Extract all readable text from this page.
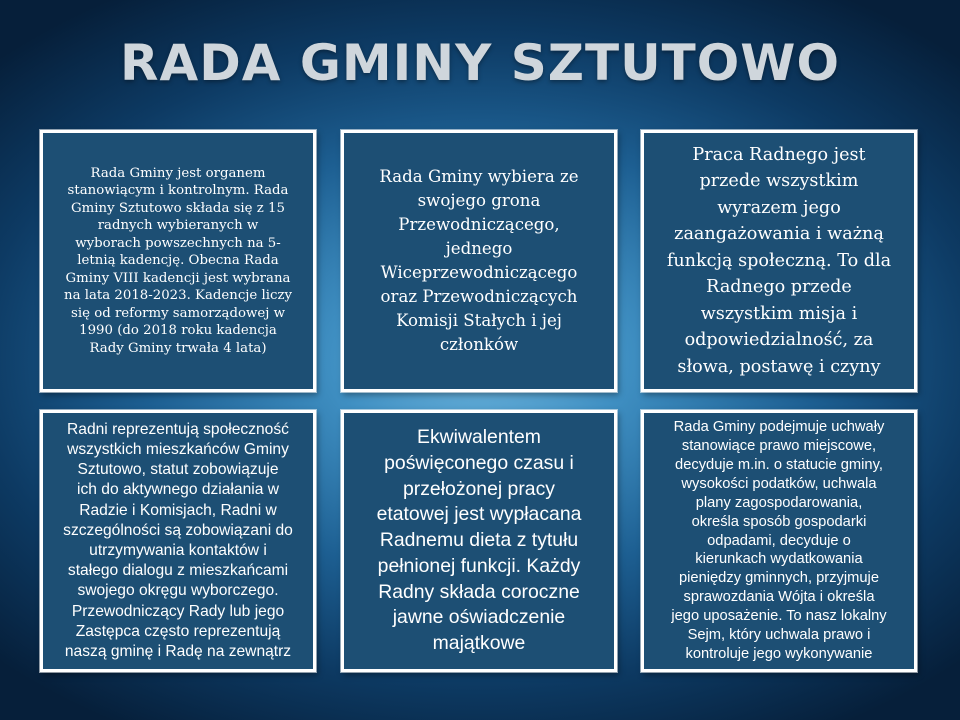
RADA GMINY SZTUTOWO
Rada Gminy jest organem
stanowiącym i kontrolnym. Rada
Gminy Sztutowo składa się z 15
radnych wybieranych w
wyborach powszechnych na 5-
letnią kadencję. Obecna Rada
Gminy VIII kadencji jest wybrana
na lata 2018-2023. Kadencje liczy
się od reformy samorządowej w
1990 (do 2018 roku kadencja
Rady Gminy trwała 4 lata)
Rada Gminy wybiera ze
swojego grona
Przewodniczącego,
jednego
Wiceprzewodniczącego
oraz Przewodniczących
Komisji Stałych i jej
członków
Praca Radnego jest
przede wszystkim
wyrazem jego
zaangażowania i ważną
funkcją społeczną. To dla
Radnego przede
wszystkim misja i
odpowiedzialność, za
słowa, postawę i czyny
Radni reprezentują społeczność
wszystkich mieszkańców Gminy
Sztutowo, statut zobowiązuje
ich do aktywnego działania w
Radzie i Komisjach, Radni w
szczególności są zobowiązani do
utrzymywania kontaktów i
stałego dialogu z mieszkańcami
swojego okręgu wyborczego.
Przewodniczący Rady lub jego
Zastępca często reprezentują
naszą gminę i Radę na zewnątrz
Ekwiwalentem
poświęconego czasu i
przełożonej pracy
etatowej jest wypłacana
Radnemu dieta z tytułu
pełnionej funkcji. Każdy
Radny składa coroczne
jawne oświadczenie
majątkowe
Rada Gminy podejmuje uchwały
stanowiące prawo miejscowe,
decyduje m.in. o statucie gminy,
wysokości podatków, uchwala
plany zagospodarowania,
określa sposób gospodarki
odpadami, decyduje o
kierunkach wydatkowania
pieniędzy gminnych, przyjmuje
sprawozdania Wójta i określa
jego uposażenie. To nasz lokalny
Sejm, który uchwala prawo i
kontroluje jego wykonywanie
